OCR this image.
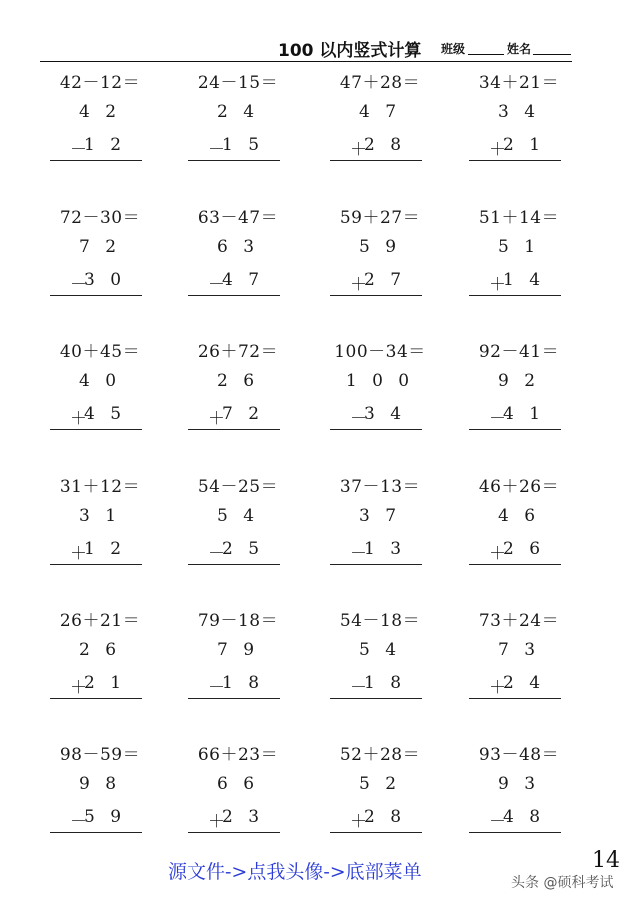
100 以内竖式计算 班级	姓名
42－12＝
4 2
－
1 2
24－15＝
2 4
－
1 5
47＋28＝
4 7
＋
2 8
34＋21＝
3 4
＋
2 1
72－30＝
7 2
－
3 0
63－47＝
6 3
－
4 7
59＋27＝
5 9
＋
2 7
51＋14＝
5 1
＋
1 4
40＋45＝
4 0
＋
4 5
26＋72＝
2 6
＋
7 2
100－34＝
1 0 0
－
3 4
92－41＝
9 2
－
4 1
31＋12＝
3 1
＋
1 2
54－25＝
5 4
－
2 5
37－13＝
3 7
－
1 3
46＋26＝
4 6
＋
2 6
26＋21＝
2 6
＋
2 1
79－18＝
7 9
－
1 8
54－18＝
5 4
－
1 8
73＋24＝
7 3
＋
2 4
98－59＝
9 8
－
5 9
66＋23＝
6 6
＋
2 3
52＋28＝
5 2
＋
2 8
93－48＝
9 3
－
4 8
源文件->点我头像->底部菜单	14
头条 @硕科考试
